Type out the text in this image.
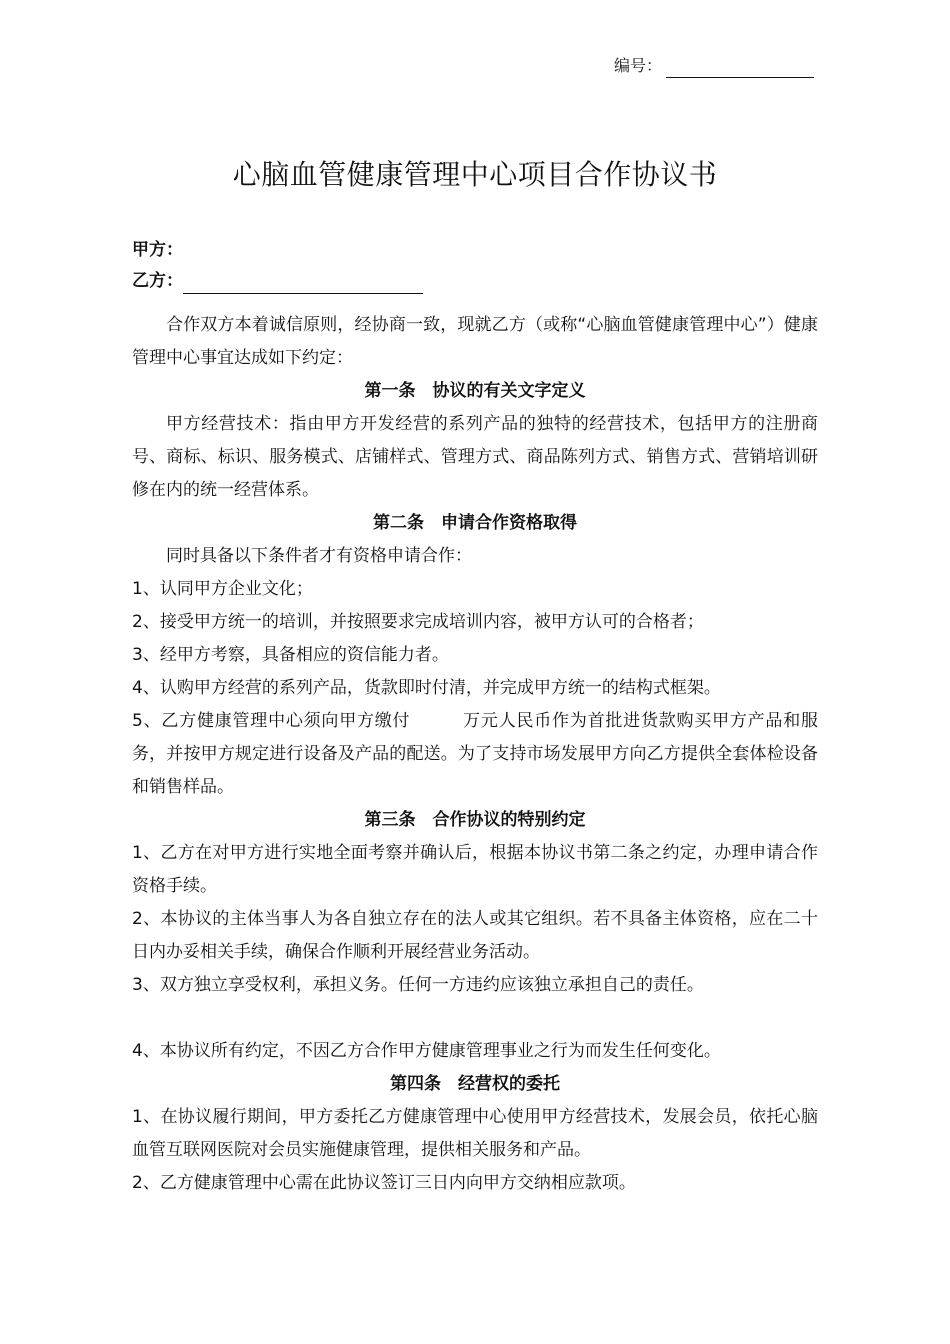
编号：
心脑血管健康管理中心项目合作协议书
甲方：
乙方：

合作双方本着诚信原则，经协商一致，现就乙方（或称“心脑血管健康管理中心”）健康管理中心事宜达成如下约定：

第一条　协议的有关文字定义

甲方经营技术：指由甲方开发经营的系列产品的独特的经营技术，包括甲方的注册商号、商标、标识、服务模式、店铺样式、管理方式、商品陈列方式、销售方式、营销培训研修在内的统一经营体系。

第二条　申请合作资格取得

同时具备以下条件者才有资格申请合作：

1、认同甲方企业文化；

2、接受甲方统一的培训，并按照要求完成培训内容，被甲方认可的合格者；

3、经甲方考察，具备相应的资信能力者。

4、认购甲方经营的系列产品，货款即时付清，并完成甲方统一的结构式框架。

5、乙方健康管理中心须向甲方缴付	万元人民币作为首批进货款购买甲方产品和服务，并按甲方规定进行设备及产品的配送。为了支持市场发展甲方向乙方提供全套体检设备和销售样品。

第三条　合作协议的特别约定

1、乙方在对甲方进行实地全面考察并确认后，根据本协议书第二条之约定，办理申请合作资格手续。

2、本协议的主体当事人为各自独立存在的法人或其它组织。若不具备主体资格，应在二十日内办妥相关手续，确保合作顺利开展经营业务活动。

3、双方独立享受权利，承担义务。任何一方违约应该独立承担自己的责任。

4、本协议所有约定，不因乙方合作甲方健康管理事业之行为而发生任何变化。

第四条　经营权的委托

1、在协议履行期间，甲方委托乙方健康管理中心使用甲方经营技术，发展会员，依托心脑血管互联网医院对会员实施健康管理，提供相关服务和产品。

2、乙方健康管理中心需在此协议签订三日内向甲方交纳相应款项。
